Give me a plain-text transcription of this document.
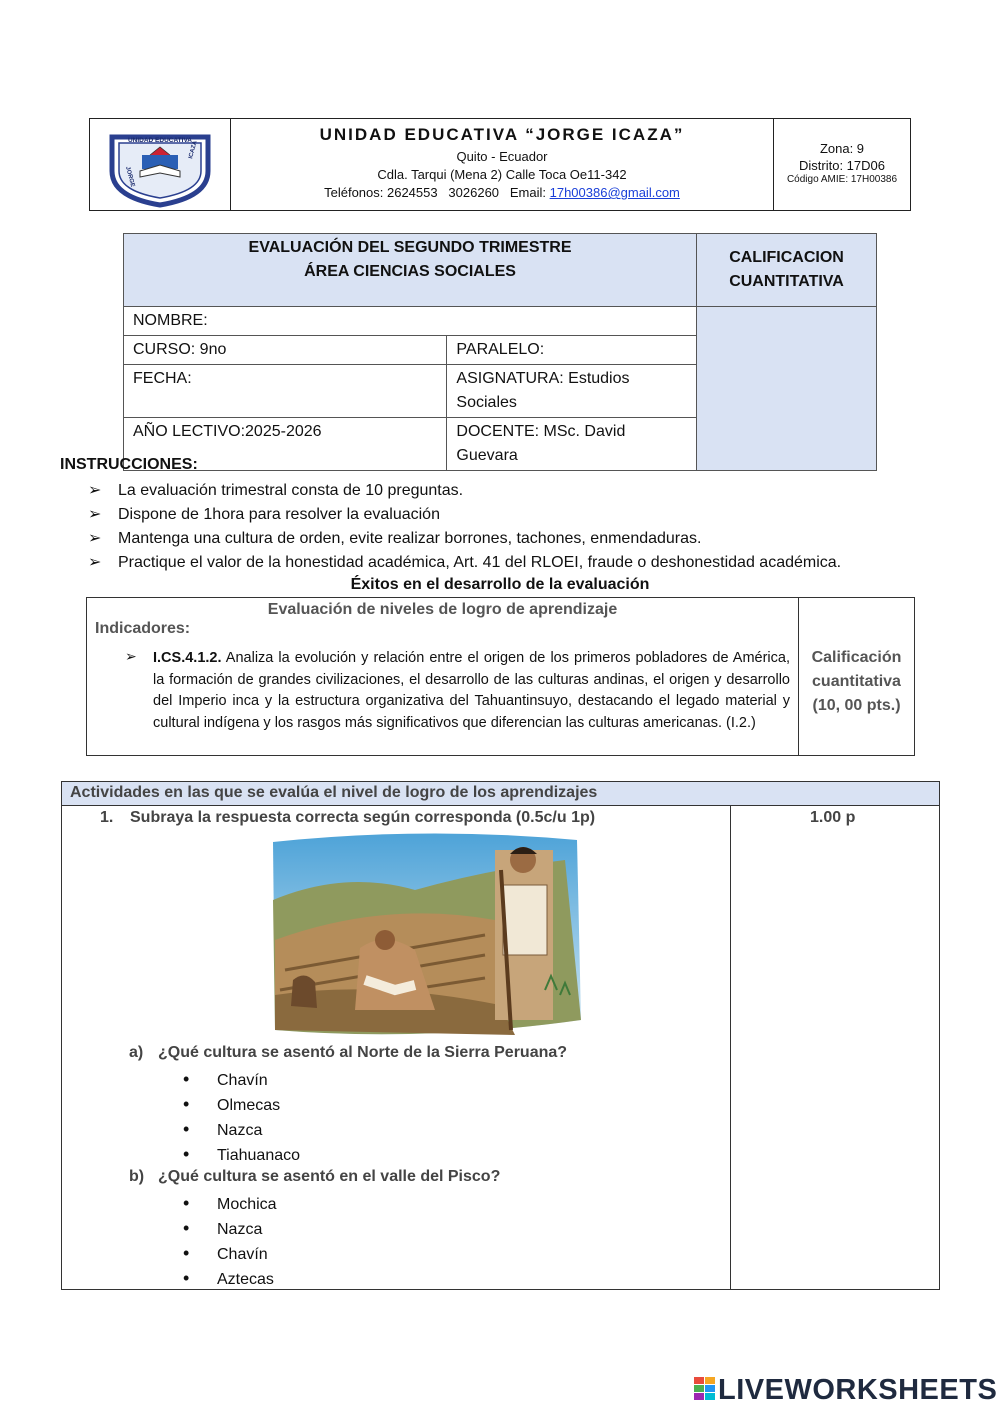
UNIDAD EDUCATIVA
JORGE
ICAZA
UNIDAD EDUCATIVA “JORGE ICAZA”
Quito - Ecuador
Cdla. Tarqui (Mena 2) Calle Toca Oe11-342
Teléfonos: 2624553   3026260   Email: 17h00386@gmail.com
Zona: 9
Distrito: 17D06
Código AMIE: 17H00386
EVALUACIÓN DEL SEGUNDO TRIMESTRE
ÁREA CIENCIAS SOCIALES		CALIFICACION CUANTITATIVA
NOMBRE:		
CURSO: 9no	PARALELO:	
FECHA:	ASIGNATURA: Estudios Sociales	
AÑO LECTIVO:2025-2026	DOCENTE: MSc. David Guevara	
INSTRUCCIONES:
➢ La evaluación trimestral consta de 10 preguntas.
➢ Dispone de 1hora para resolver la evaluación
➢ Mantenga una cultura de orden, evite realizar borrones, tachones, enmendaduras.
➢ Practique el valor de la honestidad académica, Art. 41 del RLOEI, fraude o deshonestidad académica.
Éxitos en el desarrollo de la evaluación
Evaluación de niveles de logro de aprendizaje
Indicadores:
➢ I.CS.4.1.2. Analiza la evolución y relación entre el origen de los primeros pobladores de América, la formación de grandes civilizaciones, el desarrollo de las culturas andinas, el origen y desarrollo del Imperio inca y la estructura organizativa del Tahuantinsuyo, destacando el legado material y cultural indígena y los rasgos más significativos que diferencian las culturas americanas. (I.2.)
Calificación cuantitativa (10, 00 pts.)
Actividades en las que se evalúa el nivel de logro de los aprendizajes
1. Subraya la respuesta correcta según corresponda (0.5c/u 1p)	1.00 p
a) ¿Qué cultura se asentó al Norte de la Sierra Peruana?
• Chavín
• Olmecas
• Nazca
• Tiahuanaco
b) ¿Qué cultura se asentó en el valle del Pisco?
• Mochica
• Nazca
• Chavín
• Aztecas
LIVEWORKSHEETS
